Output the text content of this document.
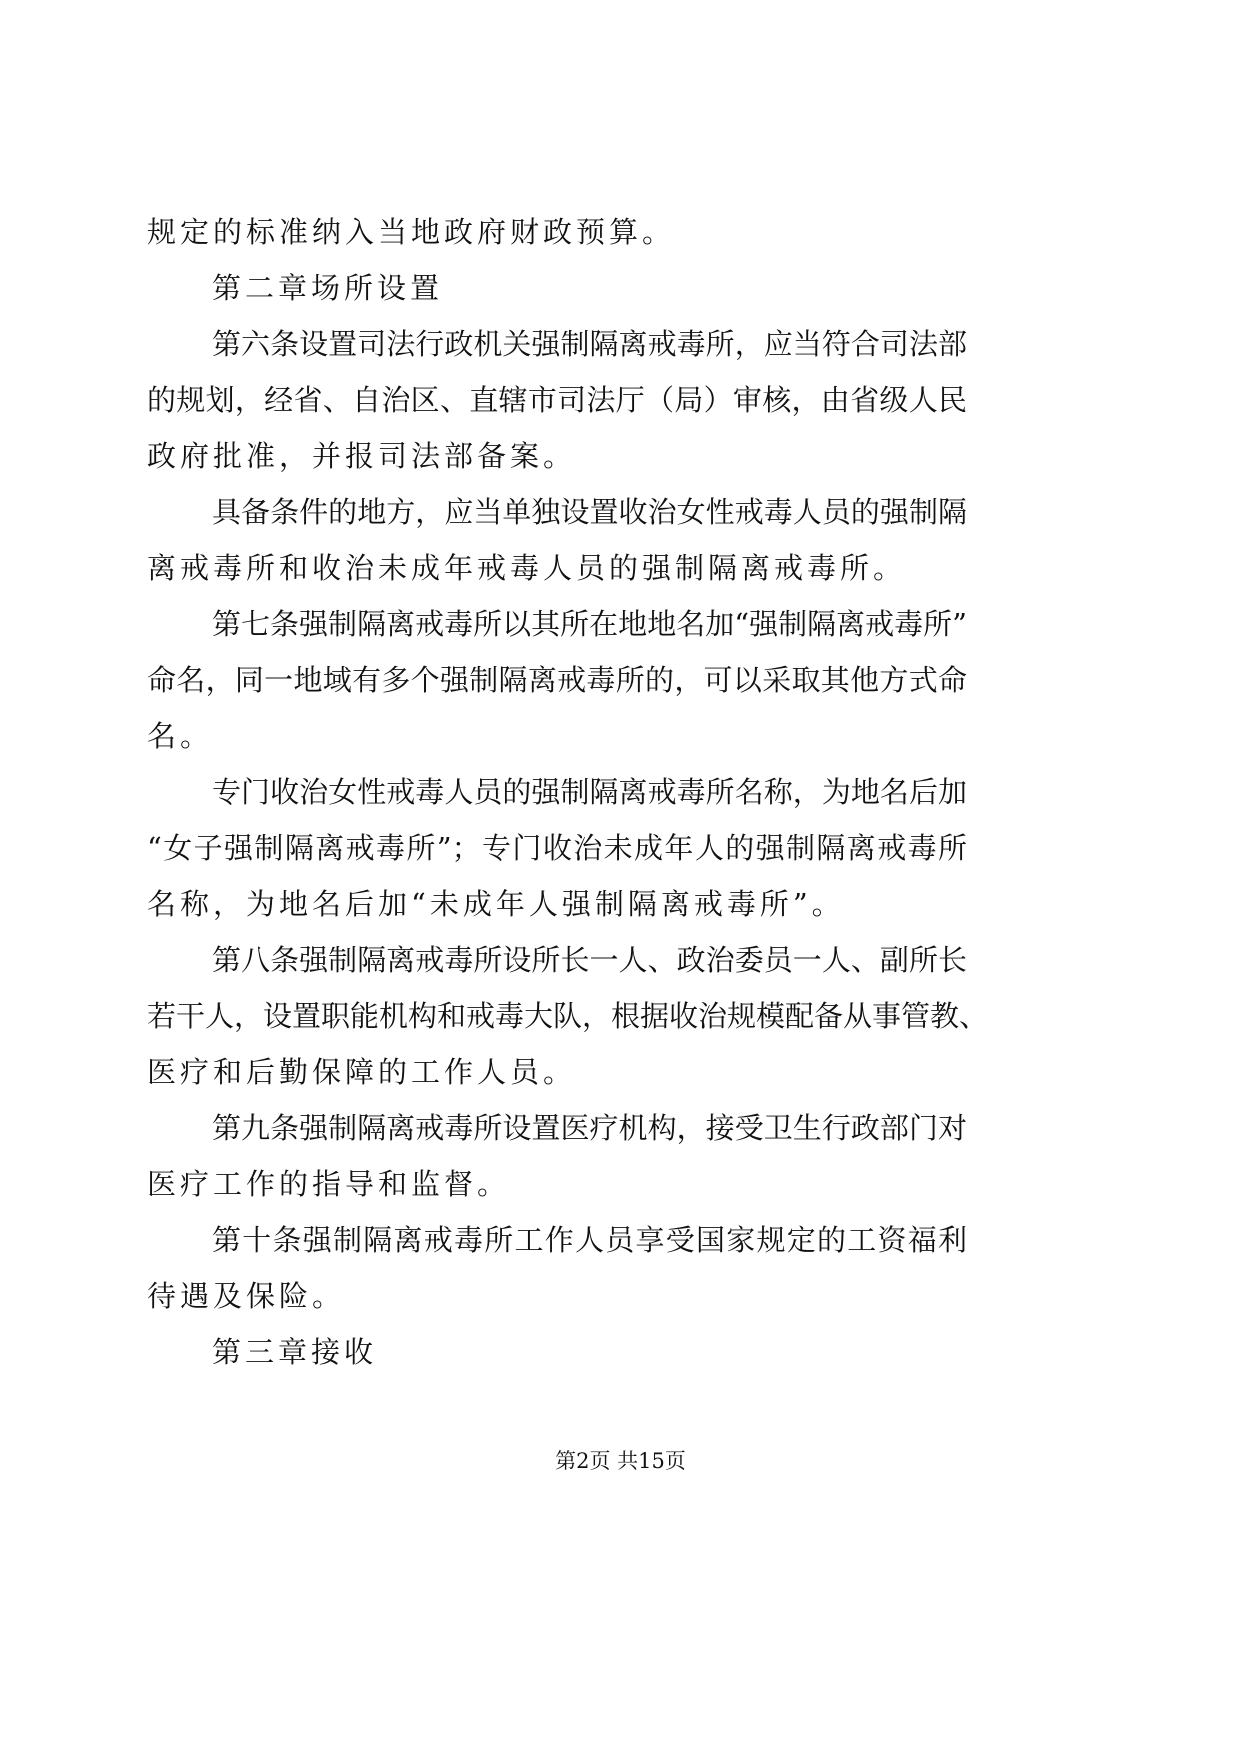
规定的标准纳入当地政府财政预算。
第二章场所设置
第六条设置司法行政机关强制隔离戒毒所，应当符合司法部
的规划，经省、自治区、直辖市司法厅（局）审核，由省级人民
政府批准，并报司法部备案。
具备条件的地方，应当单独设置收治女性戒毒人员的强制隔
离戒毒所和收治未成年戒毒人员的强制隔离戒毒所。
第七条强制隔离戒毒所以其所在地地名加“强制隔离戒毒所”
命名，同一地域有多个强制隔离戒毒所的，可以采取其他方式命
名。
专门收治女性戒毒人员的强制隔离戒毒所名称，为地名后加
“女子强制隔离戒毒所”；专门收治未成年人的强制隔离戒毒所
名称，为地名后加“未成年人强制隔离戒毒所”。
第八条强制隔离戒毒所设所长一人、政治委员一人、副所长
若干人，设置职能机构和戒毒大队，根据收治规模配备从事管教、
医疗和后勤保障的工作人员。
第九条强制隔离戒毒所设置医疗机构，接受卫生行政部门对
医疗工作的指导和监督。
第十条强制隔离戒毒所工作人员享受国家规定的工资福利
待遇及保险。
第三章接收
第2页 共15页
